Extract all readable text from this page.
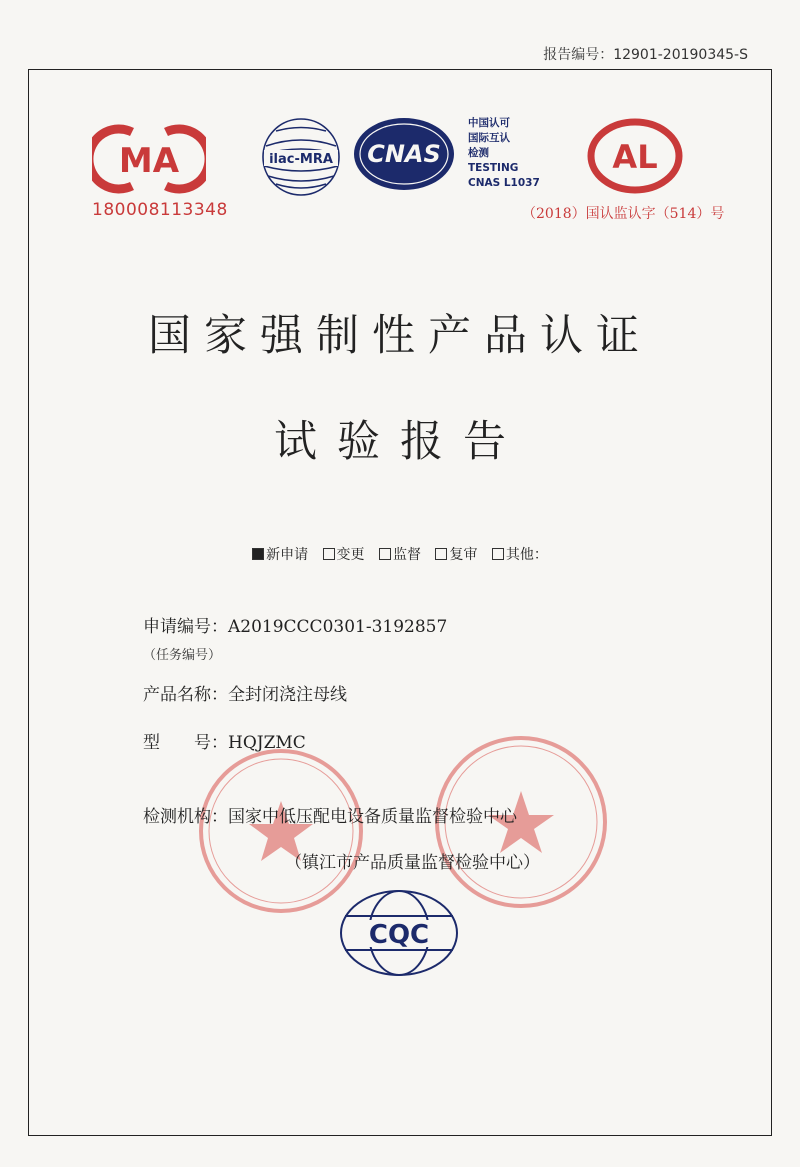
报告编号：12901-20190345-S
MA
180008113348
ilac-MRA CNAS
中国认可
国际互认
检测
TESTING
CNAS L1037
AL
（2018）国认监认字（514）号
国家强制性产品认证
试验报告
新申请 变更 监督 复审 其他：
申请编号：A2019CCC0301-3192857
（任务编号）
产品名称：全封闭浇注母线
型　　号：HQJZMC
检测机构：国家中低压配电设备质量监督检验中心
（镇江市产品质量监督检验中心）
CQC
